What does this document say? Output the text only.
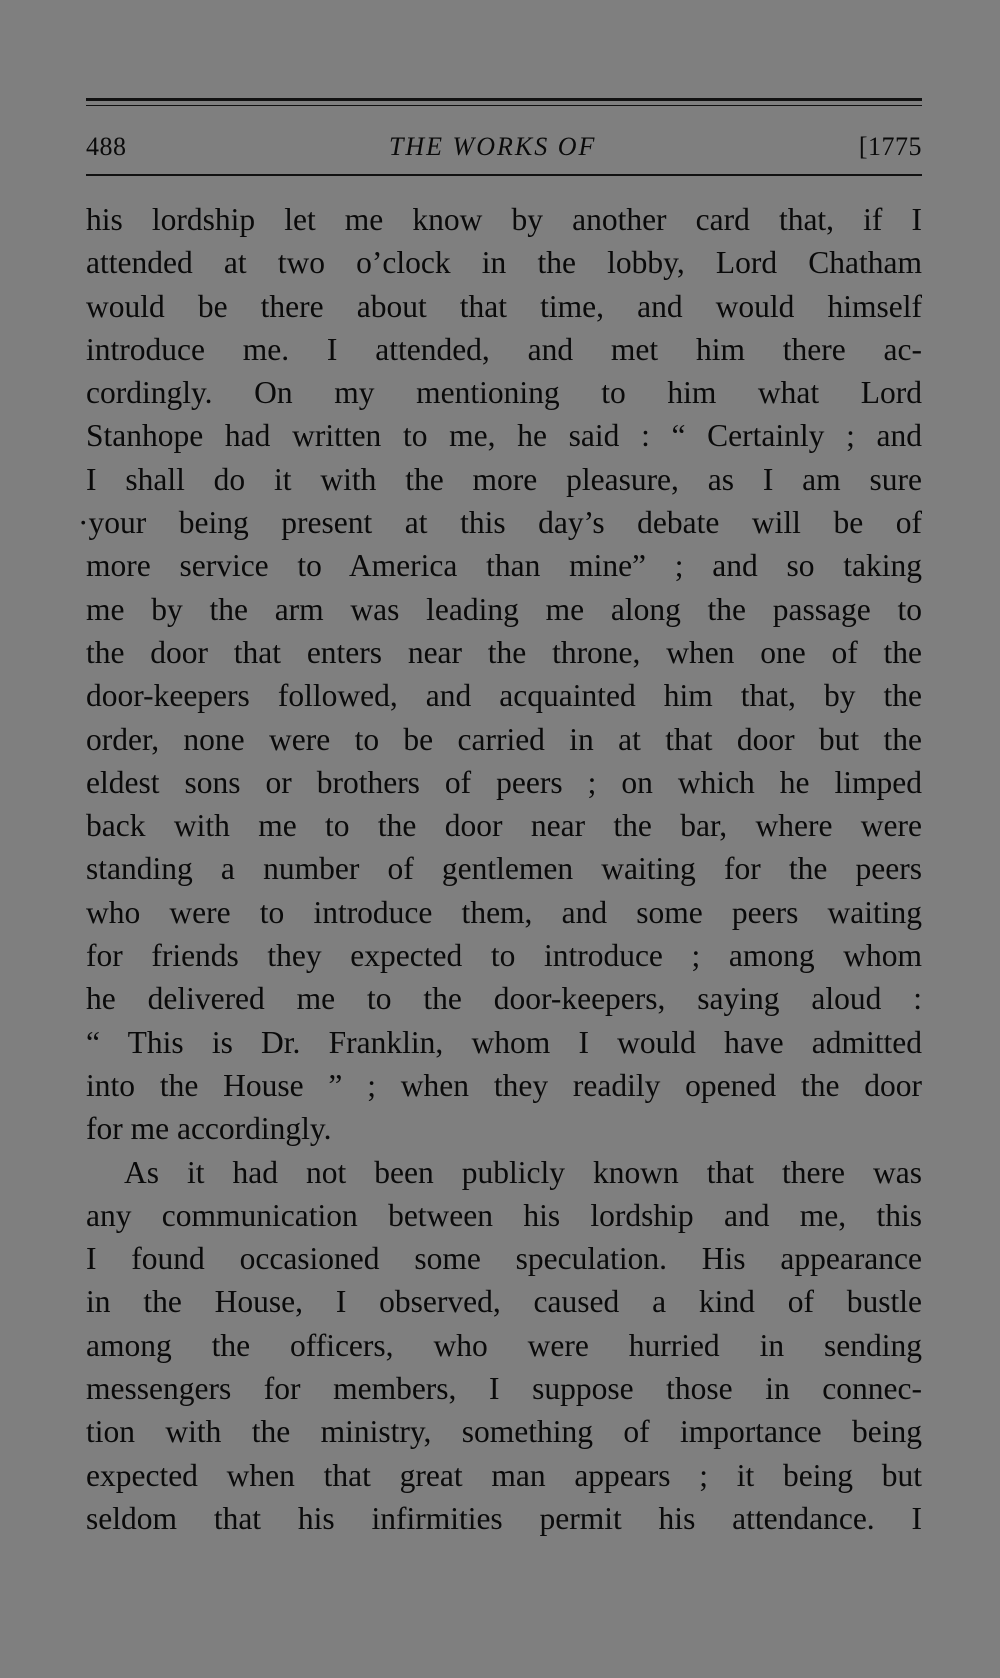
488	THE WORKS OF	[1775
his lordship let me know by another card that, if I
attended at two o’clock in the lobby, Lord Chatham
would be there about that time, and would himself
introduce me. I attended, and met him there ac-
cordingly. On my mentioning to him what Lord
Stanhope had written to me, he said : “ Certainly ; and
I shall do it with the more pleasure, as I am sure
·your being present at this day’s debate will be of
more service to America than mine” ; and so taking
me by the arm was leading me along the passage to
the door that enters near the throne, when one of the
door-keepers followed, and acquainted him that, by the
order, none were to be carried in at that door but the
eldest sons or brothers of peers ; on which he limped
back with me to the door near the bar, where were
standing a number of gentlemen waiting for the peers
who were to introduce them, and some peers waiting
for friends they expected to introduce ; among whom
he delivered me to the door-keepers, saying aloud :
“ This is Dr. Franklin, whom I would have admitted
into the House ” ; when they readily opened the door
for me accordingly.
As it had not been publicly known that there was
any communication between his lordship and me, this
I found occasioned some speculation. His appearance
in the House, I observed, caused a kind of bustle
among the officers, who were hurried in sending
messengers for members, I suppose those in connec-
tion with the ministry, something of importance being
expected when that great man appears ; it being but
seldom that his infirmities permit his attendance. I
